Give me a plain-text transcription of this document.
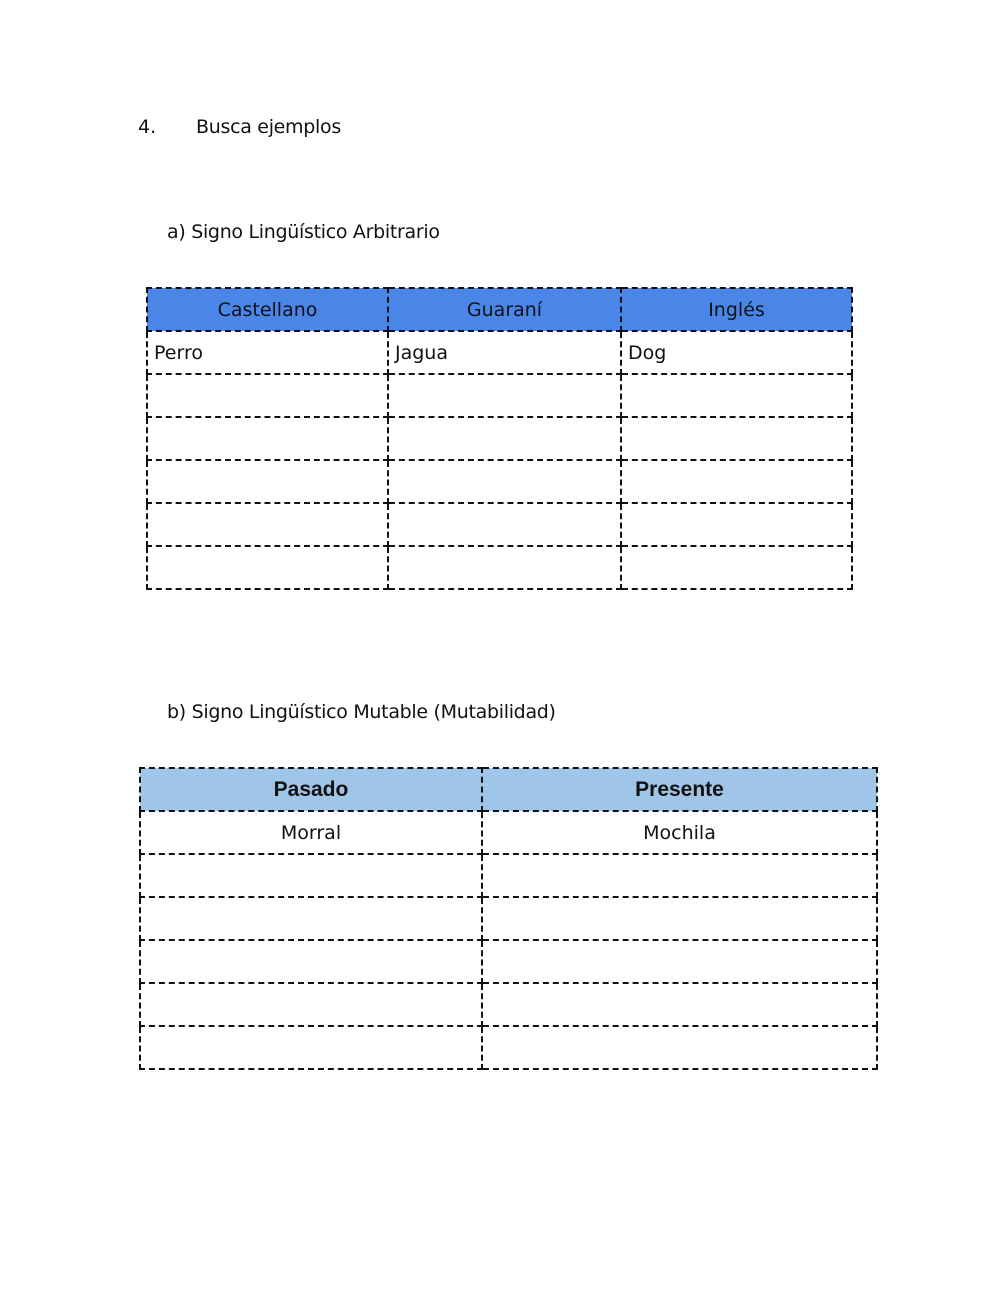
4. Busca ejemplos
a) Signo Lingüístico Arbitrario
Castellano	Guaraní	Inglés
Perro	Jagua	Dog

b) Signo Lingüístico Mutable (Mutabilidad)
Pasado	Presente
Morral	Mochila
